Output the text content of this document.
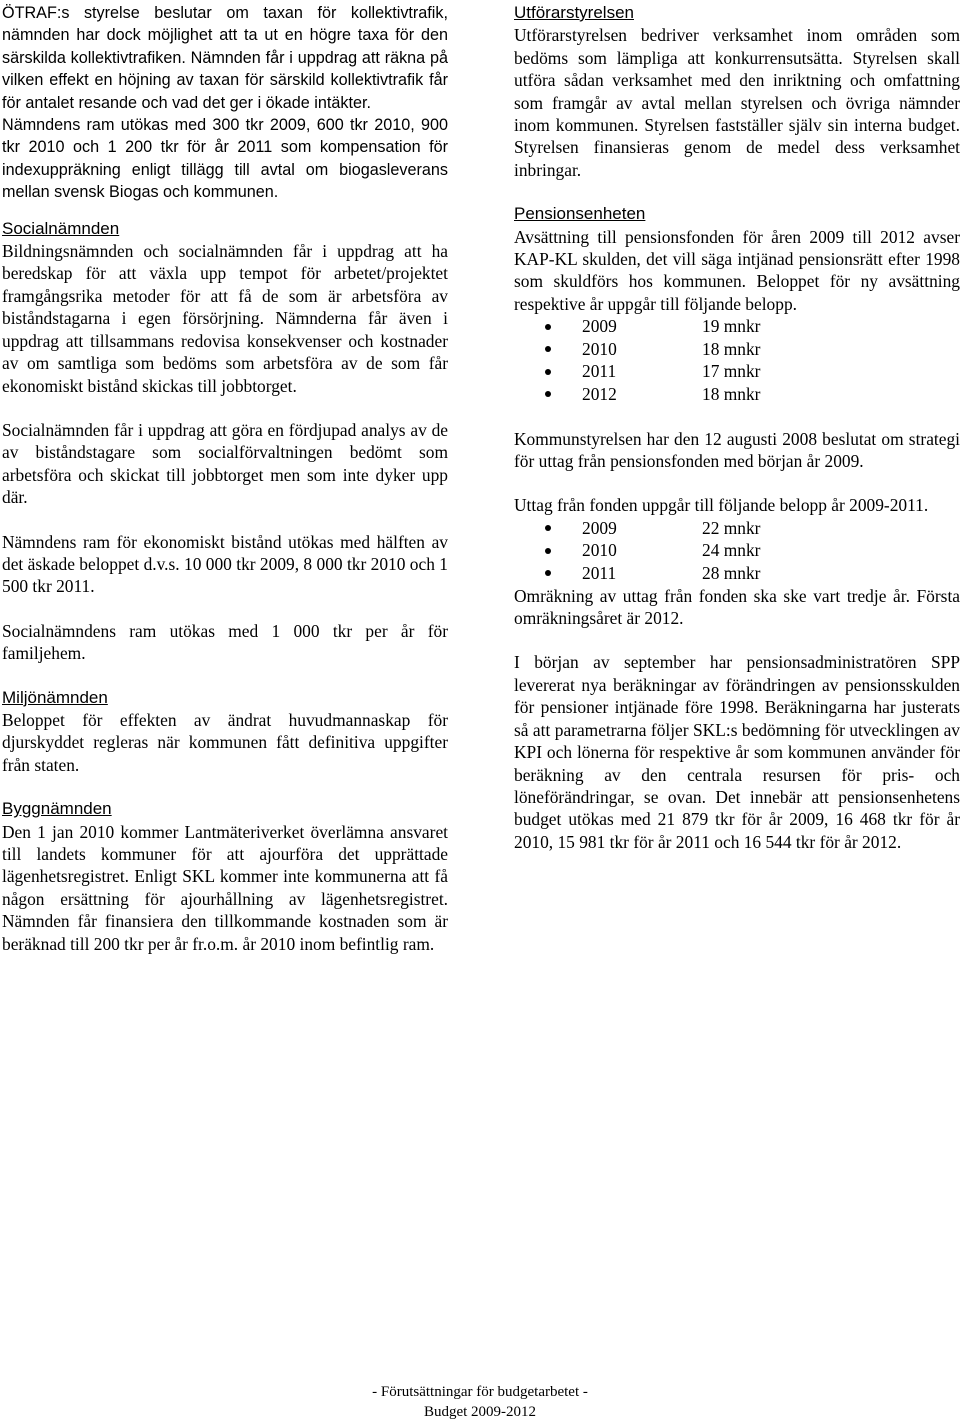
ÖTRAF:s styrelse beslutar om taxan för kollektivtrafik, nämnden har dock möjlighet att ta ut en högre taxa för den särskilda kollektivtrafiken. Nämnden får i uppdrag att räkna på vilken effekt en höjning av taxan för särskild kollektivtrafik får för antalet resande och vad det ger i ökade intäkter.

Nämndens ram utökas med 300 tkr 2009, 600 tkr 2010, 900 tkr 2010 och 1 200 tkr för år 2011 som kompensation för indexuppräkning enligt tillägg till avtal om biogasleverans mellan svensk Biogas och kommunen.

Socialnämnden

Bildningsnämnden och socialnämnden får i uppdrag att ha beredskap för att växla upp tempot för arbetet/projektet framgångsrika metoder för att få de som är arbetsföra av biståndstagarna i egen försörjning. Nämnderna får även i uppdrag att tillsammans redovisa konsekvenser och kostnader av om samtliga som bedöms som arbetsföra av de som får ekonomiskt bistånd skickas till jobbtorget.

Socialnämnden får i uppdrag att göra en fördjupad analys av de av biståndstagare som socialförvaltningen bedömt som arbetsföra och skickat till jobbtorget men som inte dyker upp där.

Nämndens ram för ekonomiskt bistånd utökas med hälften av det äskade beloppet d.v.s. 10 000 tkr 2009, 8 000 tkr 2010 och 1 500 tkr 2011.

Socialnämndens ram utökas med 1 000 tkr per år för familjehem.

Miljönämnden

Beloppet för effekten av ändrat huvudmannaskap för djurskyddet regleras när kommunen fått definitiva uppgifter från staten.

Byggnämnden

Den 1 jan 2010 kommer Lantmäteriverket överlämna ansvaret till landets kommuner för att ajourföra det upprättade lägenhetsregistret. Enligt SKL kommer inte kommunerna att få någon ersättning för ajourhållning av lägenhetsregistret. Nämnden får finansiera den tillkommande kostnaden som är beräknad till 200 tkr per år fr.o.m. år 2010 inom befintlig ram.

Utförarstyrelsen

Utförarstyrelsen bedriver verksamhet inom områden som bedöms som lämpliga att konkurrensutsätta. Styrelsen skall utföra sådan verksamhet med den inriktning och omfattning som framgår av avtal mellan styrelsen och övriga nämnder inom kommunen. Styrelsen fastställer själv sin interna budget. Styrelsen finansieras genom de medel dess verksamhet inbringar.

Pensionsenheten

Avsättning till pensionsfonden för åren 2009 till 2012 avser KAP-KL skulden, det vill säga intjänad pensionsrätt efter 1998 som skuldförs hos kommunen. Beloppet för ny avsättning respektive år uppgår till följande belopp.

2009	19 mnkr
2010	18 mnkr
2011	17 mnkr
2012	18 mnkr

Kommunstyrelsen har den 12 augusti 2008 beslutat om strategi för uttag från pensionsfonden med början år 2009.

Uttag från fonden uppgår till följande belopp år 2009-2011.

2009	22 mnkr
2010	24 mnkr
2011	28 mnkr

Omräkning av uttag från fonden ska ske vart tredje år. Första omräkningsåret är 2012.

I början av september har pensionsadministratören SPP levererat nya beräkningar av förändringen av pensionsskulden för pensioner intjänade före 1998. Beräkningarna har justerats så att parametrarna följer SKL:s bedömning för utvecklingen av KPI och lönerna för respektive år som kommunen använder för beräkning av den centrala resursen för pris- och löneförändringar, se ovan. Det innebär att pensionsenhetens budget utökas med 21 879 tkr för år 2009, 16 468 tkr för år 2010, 15 981 tkr för år 2011 och 16 544 tkr för år 2012.

- Förutsättningar för budgetarbetet -
Budget 2009-2012
